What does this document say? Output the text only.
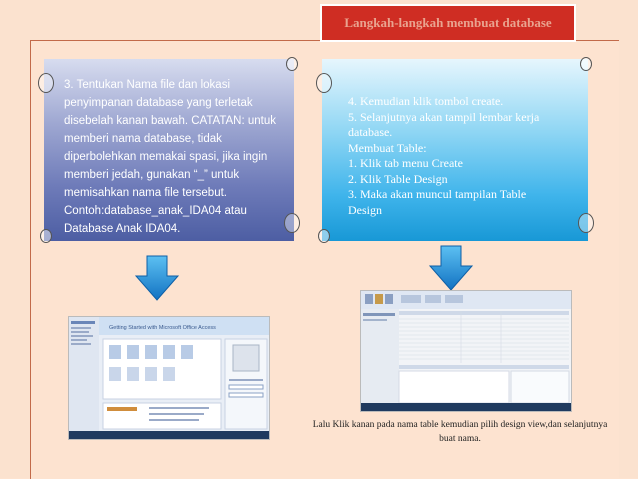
Langkah-langkah membuat database
3. Tentukan Nama file dan lokasi
penyimpanan database yang terletak
disebelah kanan bawah. CATATAN: untuk
memberi nama database, tidak
diperbolehkan memakai spasi, jika ingin
memberi jedah, gunakan “_” untuk
memisahkan nama file tersebut.
Contoh:database_anak_IDA04 atau
Database Anak IDA04.
4. Kemudian klik tombol create.
5. Selanjutnya akan tampil lembar kerja
database.
Membuat Table:
1. Klik tab menu Create
2. Klik Table Design
3. Maka akan muncul tampilan Table
Design
Getting Started with Microsoft Office Access
Lalu Klik kanan pada nama table kemudian pilih design view,dan selanjutnya
buat nama.
